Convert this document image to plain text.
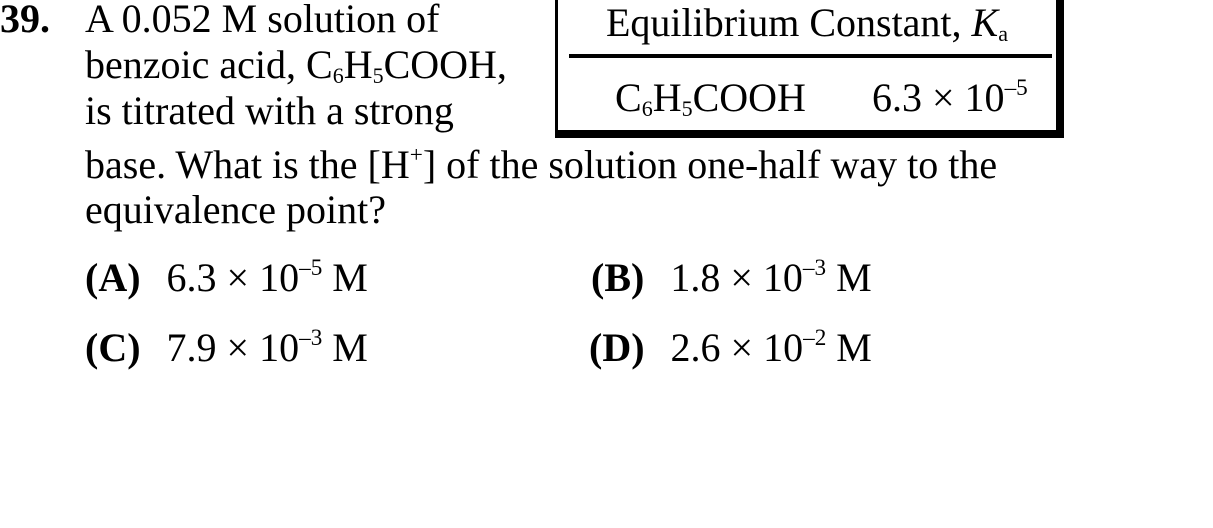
39. A 0.052 M solution of
benzoic acid, $C_6H_5COOH$,
is titrated with a strong
base. What is the [H+] of the solution one-half way to the
equivalence point?
Equilibrium Constant, $K_a$
$C_6H_5COOH$ $6.3 \times 10^{-5}$
(A) $6.3 \times 10^{-5}$ M	(B) $1.8 \times 10^{-3}$ M
(C) $7.9 \times 10^{-3}$ M	(D) $2.6 \times 10^{-2}$ M
